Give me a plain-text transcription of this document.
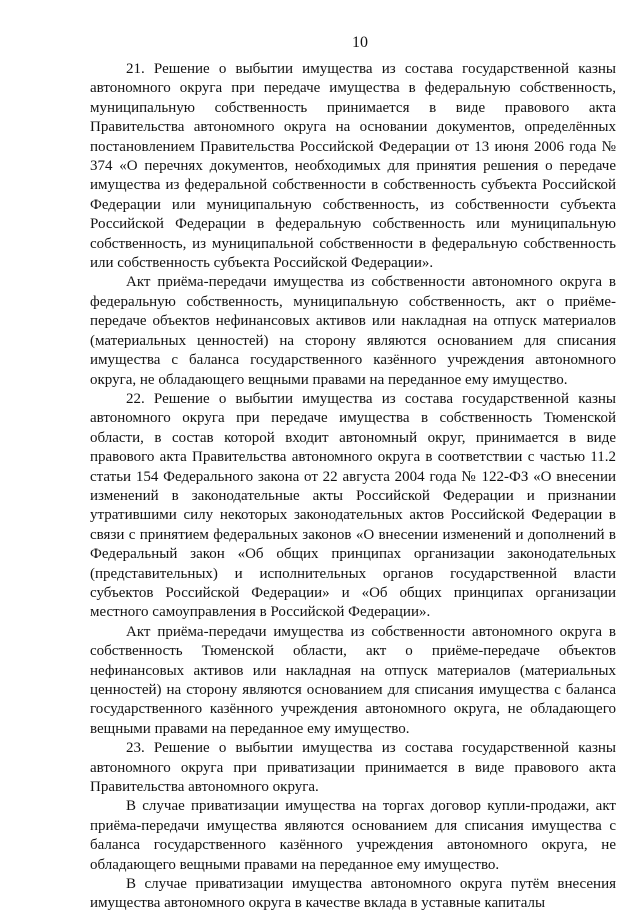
10

21. Решение о выбытии имущества из состава государственной казны автономного округа при передаче имущества в федеральную собственность, муниципальную собственность принимается в виде правового акта Правительства автономного округа на основании документов, определённых постановлением Правительства Российской Федерации от 13 июня 2006 года № 374 «О перечнях документов, необходимых для принятия решения о передаче имущества из федеральной собственности в собственность субъекта Российской Федерации или муниципальную собственность, из собственности субъекта Российской Федерации в федеральную собственность или муниципальную собственность, из муниципальной собственности в федеральную собственность или собственность субъекта Российской Федерации».

Акт приёма-передачи имущества из собственности автономного округа в федеральную собственность, муниципальную собственность, акт о приёме-передаче объектов нефинансовых активов или накладная на отпуск материалов (материальных ценностей) на сторону являются основанием для списания имущества с баланса государственного казённого учреждения автономного округа, не обладающего вещными правами на переданное ему имущество.

22. Решение о выбытии имущества из состава государственной казны автономного округа при передаче имущества в собственность Тюменской области, в состав которой входит автономный округ, принимается в виде правового акта Правительства автономного округа в соответствии с частью 11.2 статьи 154 Федерального закона от 22 августа 2004 года № 122-ФЗ «О внесении изменений в законодательные акты Российской Федерации и признании утратившими силу некоторых законодательных актов Российской Федерации в связи с принятием федеральных законов «О внесении изменений и дополнений в Федеральный закон «Об общих принципах организации законодательных (представительных) и исполнительных органов государственной власти субъектов Российской Федерации» и «Об общих принципах организации местного самоуправления в Российской Федерации».

Акт приёма-передачи имущества из собственности автономного округа в собственность Тюменской области, акт о приёме-передаче объектов нефинансовых активов или накладная на отпуск материалов (материальных ценностей) на сторону являются основанием для списания имущества с баланса государственного казённого учреждения автономного округа, не обладающего вещными правами на переданное ему имущество.

23. Решение о выбытии имущества из состава государственной казны автономного округа при приватизации принимается в виде правового акта Правительства автономного округа.

В случае приватизации имущества на торгах договор купли-продажи, акт приёма-передачи имущества являются основанием для списания имущества с баланса государственного казённого учреждения автономного округа, не обладающего вещными правами на переданное ему имущество.

В случае приватизации имущества автономного округа путём внесения имущества автономного округа в качестве вклада в уставные капиталы
